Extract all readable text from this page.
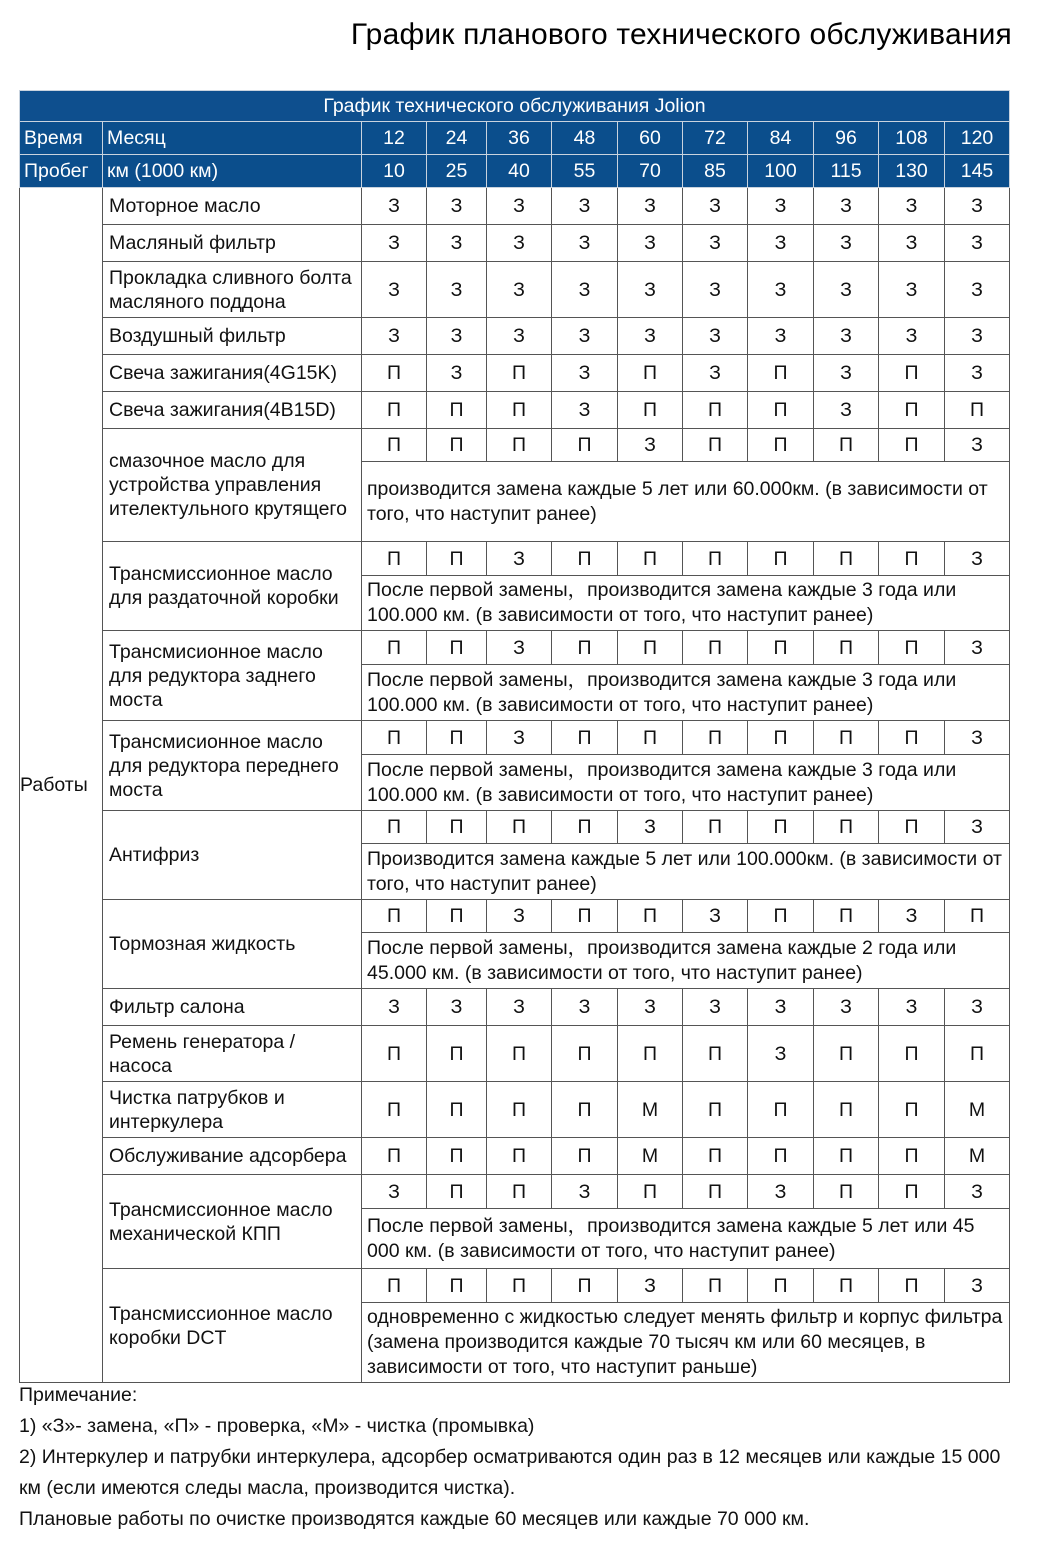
График планового технического обслуживания
График технического обслуживания Jolion											
Время	Месяц	12	24	36	48	60	72	84	96	108	120
Пробег	км (1000 км)	10	25	40	55	70	85	100	115	130	145
Работы	Моторное масло	З	З	З	З	З	З	З	З	З	З
	Масляный фильтр	З	З	З	З	З	З	З	З	З	З
	Прокладка сливного болта масляного поддона	З	З	З	З	З	З	З	З	З	З
	Воздушный фильтр	З	З	З	З	З	З	З	З	З	З
	Свеча зажигания(4G15K)	П	З	П	З	П	З	П	З	П	З
	Свеча зажигания(4B15D)	П	П	П	З	П	П	П	З	П	П
	смазочное масло для устройства управления ителектульного крутящего	П	П	П	П	З	П	П	П	П	З
		производится замена каждые 5 лет или 60.000км. (в зависимости от того, что наступит ранее)									
	Трансмиссионное масло для раздаточной коробки	П	П	З	П	П	П	П	П	П	З
		После первой замены，производится замена каждые 3 года или 100.000 км. (в зависимости от того, что наступит ранее)									
	Трансмисионное масло для редуктора заднего моста	П	П	З	П	П	П	П	П	П	З
		После первой замены，производится замена каждые 3 года или 100.000 км. (в зависимости от того, что наступит ранее)									
	Трансмисионное масло для редуктора переднего моста	П	П	З	П	П	П	П	П	П	З
		После первой замены，производится замена каждые 3 года или 100.000 км. (в зависимости от того, что наступит ранее)									
	Антифриз	П	П	П	П	З	П	П	П	П	З
		Производится замена каждые 5 лет или 100.000км. (в зависимости от того, что наступит ранее)									
	Тормозная жидкость	П	П	З	П	П	З	П	П	З	П
		После первой замены，производится замена каждые 2 года или 45.000 км. (в зависимости от того, что наступит ранее)									
	Фильтр салона	З	З	З	З	З	З	З	З	З	З
	Ремень генератора / насоса	П	П	П	П	П	П	З	П	П	П
	Чистка патрубков и интеркулера	П	П	П	П	М	П	П	П	П	М
	Обслуживание адсорбера	П	П	П	П	М	П	П	П	П	М
	Трансмиссионное масло механической КПП	З	П	П	З	П	П	З	П	П	З
		После первой замены，производится замена каждые 5 лет или 45 000 км. (в зависимости от того, что наступит ранее)									
	Трансмиссионное масло коробки DCT	П	П	П	П	З	П	П	П	П	З
		одновременно с жидкостью следует менять фильтр и корпус фильтра (замена производится каждые 70 тысяч км или 60 месяцев, в зависимости от того, что наступит раньше)									

Примечание:

1) «З»- замена, «П» - проверка, «М» - чистка (промывка)

2) Интеркулер и патрубки интеркулера, адсорбер осматриваются один раз в 12 месяцев или каждые 15 000 км (если имеются следы масла, производится чистка).

Плановые работы по очистке производятся каждые 60 месяцев или каждые 70 000 км.
